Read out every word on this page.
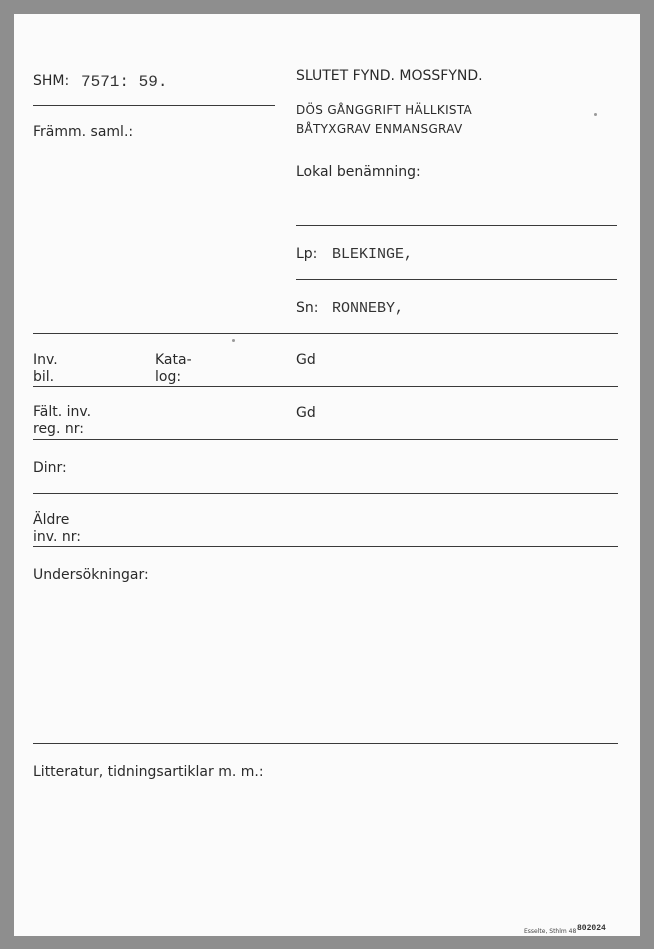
SHM: 7571: 59.
Främm. saml.:
SLUTET FYND. MOSSFYND.
DÖS GÅNGGRIFT HÄLLKISTA
BÅTYXGRAV ENMANSGRAV
Lokal benämning:
Lp: BLEKINGE,
Sn: RONNEBY,
Inv.
bil.
Kata-
log:
Gd
Fält. inv.
reg. nr:
Gd
Dinr:
Äldre
inv. nr:
Undersökningar:
Litteratur, tidningsartiklar m. m.:
Esselte, Sthlm 48 802024
